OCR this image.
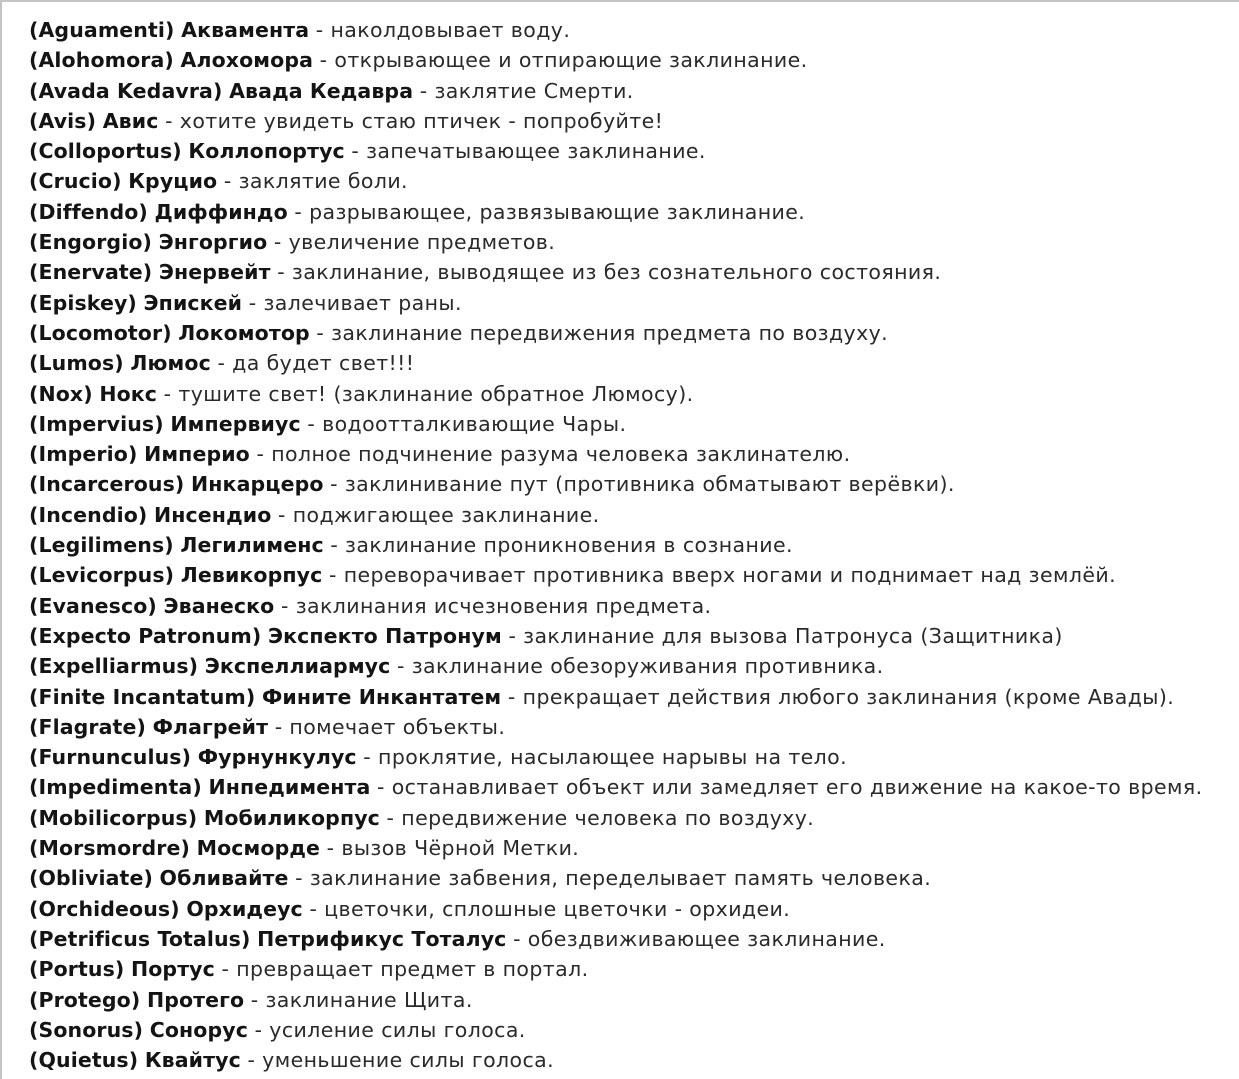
(Aguamenti) Аквамента - наколдовывает воду.
(Alohomora) Алохомора - открывающее и отпирающие заклинание.
(Avada Kedavra) Авада Кедавра - заклятие Смерти.
(Avis) Авис - хотите увидеть стаю птичек - попробуйте!
(Colloportus) Коллопортус - запечатывающее заклинание.
(Crucio) Круцио - заклятие боли.
(Diffendo) Диффиндо - разрывающее, развязывающие заклинание.
(Engorgio) Энгоргио - увеличение предметов.
(Enervate) Энервейт - заклинание, выводящее из без сознательного состояния.
(Episkey) Эпискей - залечивает раны.
(Locomotor) Локомотор - заклинание передвижения предмета по воздуху.
(Lumos) Люмос - да будет свет!!!
(Nox) Нокс - тушите свет! (заклинание обратное Люмосу).
(Impervius) Импервиус - водоотталкивающие Чары.
(Imperio) Империо - полное подчинение разума человека заклинателю.
(Incarcerous) Инкарцеро - заклинивание пут (противника обматывают верёвки).
(Incendio) Инсендио - поджигающее заклинание.
(Legilimens) Легилименс - заклинание проникновения в сознание.
(Levicorpus) Левикорпус - переворачивает противника вверх ногами и поднимает над землёй.
(Evanesco) Эванеско - заклинания исчезновения предмета.
(Expecto Patronum) Экспекто Патронум - заклинание для вызова Патронуса (Защитника)
(Expelliarmus) Экспеллиармус - заклинание обезоруживания противника.
(Finite Incantatum) Фините Инкантатем - прекращает действия любого заклинания (кроме Авады).
(Flagrate) Флагрейт - помечает объекты.
(Furnunculus) Фурнункулус - проклятие, насылающее нарывы на тело.
(Impedimenta) Инпедимента - останавливает объект или замедляет его движение на какое-то время.
(Mobilicorpus) Мобиликорпус - передвижение человека по воздуху.
(Morsmordre) Мосморде - вызов Чёрной Метки.
(Obliviate) Обливайте - заклинание забвения, переделывает память человека.
(Orchideous) Орхидеус - цветочки, сплошные цветочки - орхидеи.
(Petrificus Totalus) Петрификус Тоталус - обездвиживающее заклинание.
(Portus) Портус - превращает предмет в портал.
(Protego) Протего - заклинание Щита.
(Sonorus) Сонорус - усиление силы голоса.
(Quietus) Квайтус - уменьшение силы голоса.
